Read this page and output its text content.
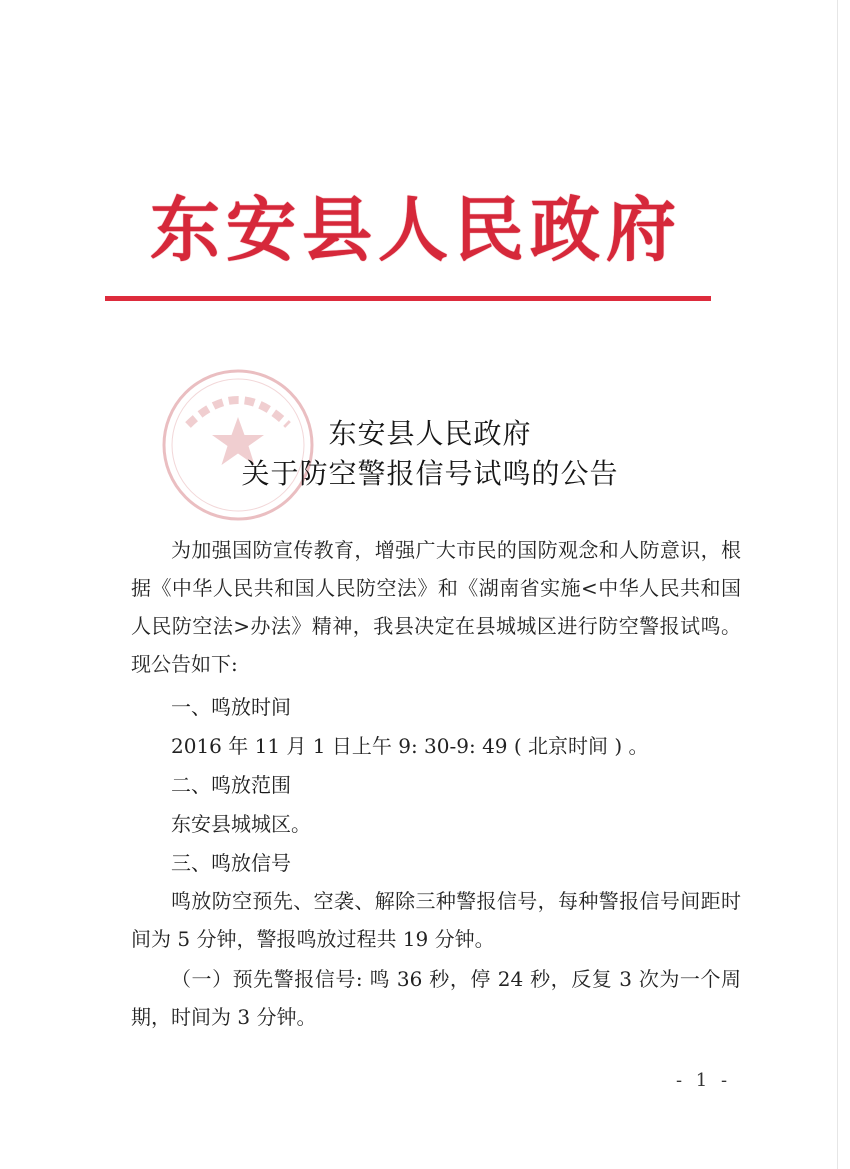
东安县人民政府
东安县人民政府
关于防空警报信号试鸣的公告

为加强国防宣传教育，增强广大市民的国防观念和人防意识，根据《中华人民共和国人民防空法》和《湖南省实施<中华人民共和国人民防空法>办法》精神，我县决定在县城城区进行防空警报试鸣。现公告如下:

一、鸣放时间
2016 年 11 月 1 日上午 9: 30-9: 49 ( 北京时间 ) 。
二、鸣放范围
东安县城城区。
三、鸣放信号

鸣放防空预先、空袭、解除三种警报信号，每种警报信号间距时间为 5 分钟，警报鸣放过程共 19 分钟。

（一）预先警报信号: 鸣 36 秒，停 24 秒，反复 3 次为一个周期，时间为 3 分钟。

- 1 -
